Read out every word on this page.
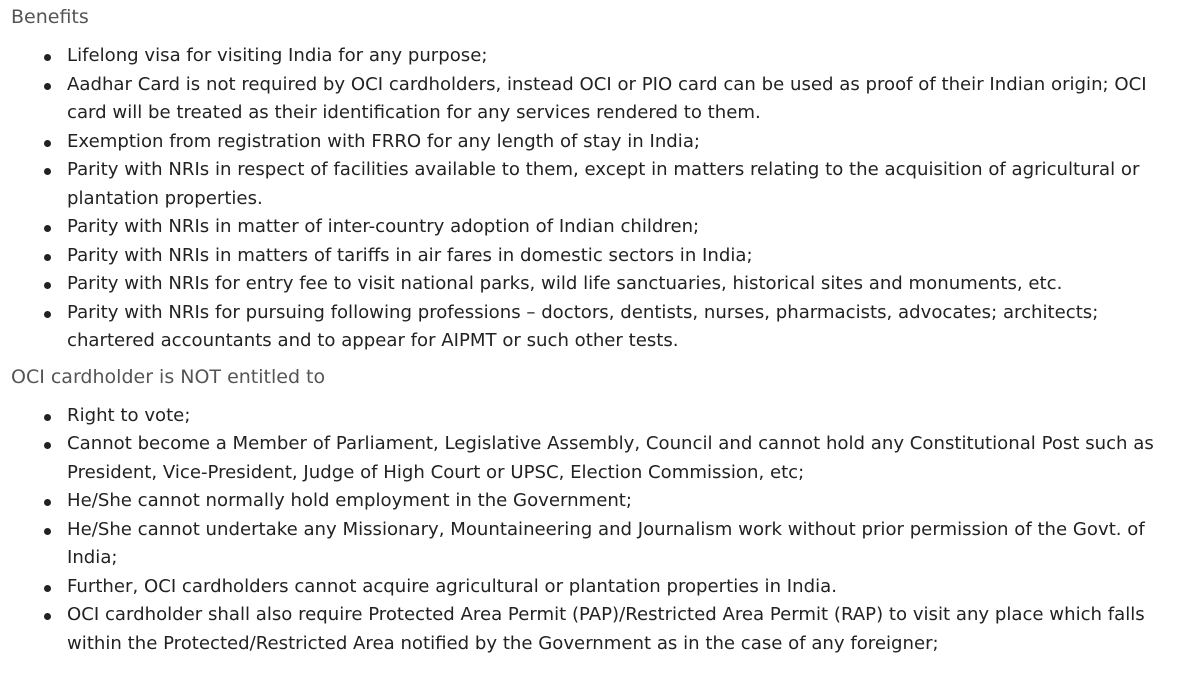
Benefits
Lifelong visa for visiting India for any purpose;
Aadhar Card is not required by OCI cardholders, instead OCI or PIO card can be used as proof of their Indian origin; OCI card will be treated as their identification for any services rendered to them.
Exemption from registration with FRRO for any length of stay in India;
Parity with NRIs in respect of facilities available to them, except in matters relating to the acquisition of agricultural or plantation properties.
Parity with NRIs in matter of inter-country adoption of Indian children;
Parity with NRIs in matters of tariffs in air fares in domestic sectors in India;
Parity with NRIs for entry fee to visit national parks, wild life sanctuaries, historical sites and monuments, etc.
Parity with NRIs for pursuing following professions – doctors, dentists, nurses, pharmacists, advocates; architects; chartered accountants and to appear for AIPMT or such other tests.
OCI cardholder is NOT entitled to
Right to vote;
Cannot become a Member of Parliament, Legislative Assembly, Council and cannot hold any Constitutional Post such as President, Vice-President, Judge of High Court or UPSC, Election Commission, etc;
He/She cannot normally hold employment in the Government;
He/She cannot undertake any Missionary, Mountaineering and Journalism work without prior permission of the Govt. of India;
Further, OCI cardholders cannot acquire agricultural or plantation properties in India.
OCI cardholder shall also require Protected Area Permit (PAP)/Restricted Area Permit (RAP) to visit any place which falls within the Protected/Restricted Area notified by the Government as in the case of any foreigner;
